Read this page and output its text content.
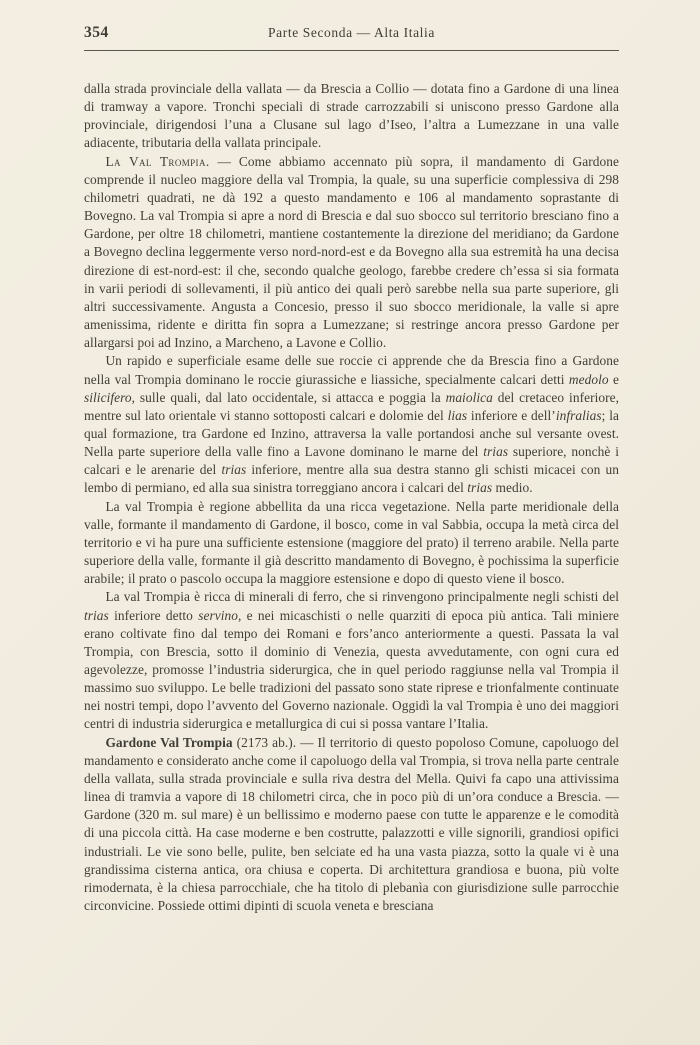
354	Parte Seconda — Alta Italia

dalla strada provinciale della vallata — da Brescia a Collio — dotata fino a Gardone di una linea di tramway a vapore. Tronchi speciali di strade carrozzabili si uniscono presso Gardone alla provinciale, dirigendosi l’una a Clusane sul lago d’Iseo, l’altra a Lumezzane in una valle adiacente, tributaria della vallata principale.

La Val Trompia. — Come abbiamo accennato più sopra, il mandamento di Gardone comprende il nucleo maggiore della val Trompia, la quale, su una superficie complessiva di 298 chilometri quadrati, ne dà 192 a questo mandamento e 106 al mandamento soprastante di Bovegno. La val Trompia si apre a nord di Brescia e dal suo sbocco sul territorio bresciano fino a Gardone, per oltre 18 chilometri, mantiene costantemente la direzione del meridiano; da Gardone a Bovegno declina leggermente verso nord-nord-est e da Bovegno alla sua estremità ha una decisa direzione di est-nord-est: il che, secondo qualche geologo, farebbe credere ch’essa si sia formata in varii periodi di sollevamenti, il più antico dei quali però sarebbe nella sua parte superiore, gli altri successivamente. Angusta a Concesio, presso il suo sbocco meridionale, la valle si apre amenissima, ridente e diritta fin sopra a Lumezzane; si restringe ancora presso Gardone per allargarsi poi ad Inzino, a Marcheno, a Lavone e Collio.

Un rapido e superficiale esame delle sue roccie ci apprende che da Brescia fino a Gardone nella val Trompia dominano le roccie giurassiche e liassiche, specialmente calcari detti medolo e silicifero, sulle quali, dal lato occidentale, si attacca e poggia la maiolica del cretaceo inferiore, mentre sul lato orientale vi stanno sottoposti calcari e dolomie del lias inferiore e dell’infralias; la qual formazione, tra Gardone ed Inzino, attraversa la valle portandosi anche sul versante ovest. Nella parte superiore della valle fino a Lavone dominano le marne del trias superiore, nonchè i calcari e le arenarie del trias inferiore, mentre alla sua destra stanno gli schisti micacei con un lembo di permiano, ed alla sua sinistra torreggiano ancora i calcari del trias medio.

La val Trompia è regione abbellita da una ricca vegetazione. Nella parte meridionale della valle, formante il mandamento di Gardone, il bosco, come in val Sabbia, occupa la metà circa del territorio e vi ha pure una sufficiente estensione (maggiore del prato) il terreno arabile. Nella parte superiore della valle, formante il già descritto mandamento di Bovegno, è pochissima la superficie arabile; il prato o pascolo occupa la maggiore estensione e dopo di questo viene il bosco.

La val Trompia è ricca di minerali di ferro, che si rinvengono principalmente negli schisti del trias inferiore detto servino, e nei micaschisti o nelle quarziti di epoca più antica. Tali miniere erano coltivate fino dal tempo dei Romani e fors’anco anteriormente a questi. Passata la val Trompia, con Brescia, sotto il dominio di Venezia, questa avvedutamente, con ogni cura ed agevolezze, promosse l’industria siderurgica, che in quel periodo raggiunse nella val Trompia il massimo suo sviluppo. Le belle tradizioni del passato sono state riprese e trionfalmente continuate nei nostri tempi, dopo l’avvento del Governo nazionale. Oggidì la val Trompia è uno dei maggiori centri di industria siderurgica e metallurgica di cui si possa vantare l’Italia.

Gardone Val Trompia (2173 ab.). — Il territorio di questo popoloso Comune, capoluogo del mandamento e considerato anche come il capoluogo della val Trompia, si trova nella parte centrale della vallata, sulla strada provinciale e sulla riva destra del Mella. Quivi fa capo una attivissima linea di tramvia a vapore di 18 chilometri circa, che in poco più di un’ora conduce a Brescia. — Gardone (320 m. sul mare) è un bellissimo e moderno paese con tutte le apparenze e le comodità di una piccola città. Ha case moderne e ben costrutte, palazzotti e ville signorili, grandiosi opifici industriali. Le vie sono belle, pulite, ben selciate ed ha una vasta piazza, sotto la quale vi è una grandissima cisterna antica, ora chiusa e coperta. Di architettura grandiosa e buona, più volte rimodernata, è la chiesa parrocchiale, che ha titolo di plebanìa con giurisdizione sulle parrocchie circonvicine. Possiede ottimi dipinti di scuola veneta e bresciana
